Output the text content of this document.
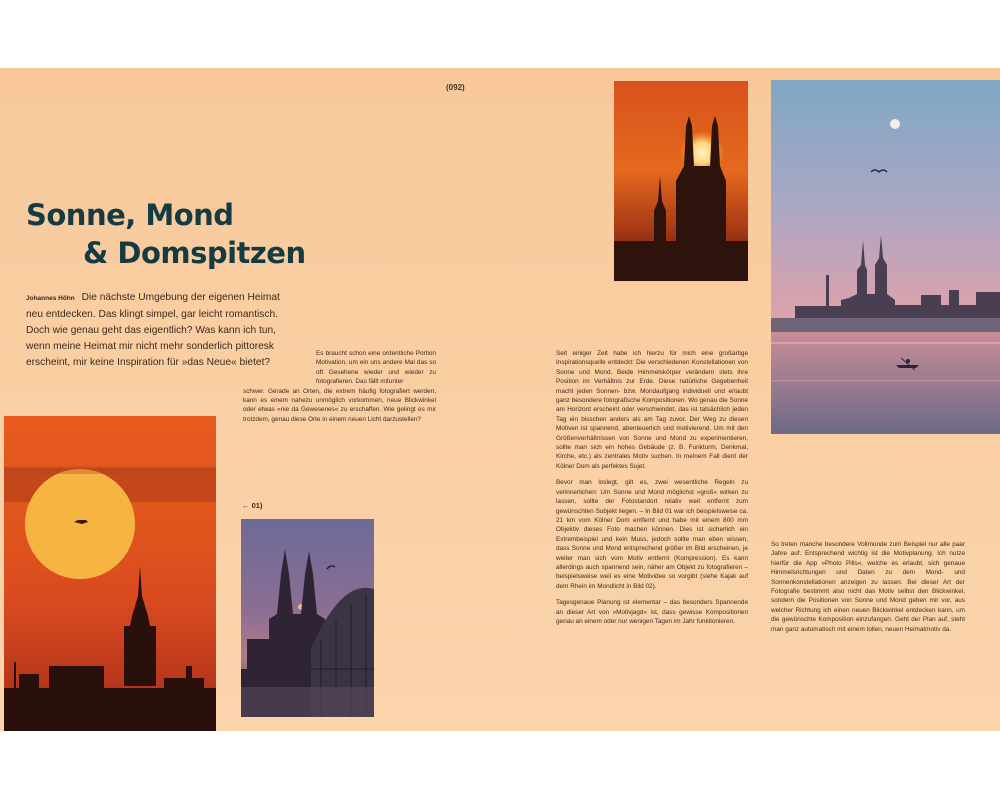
(092)
Sonne, Mond
& Domspitzen
Johannes Höhn Die nächste Umgebung der eigenen Heimat neu entdecken. Das klingt simpel, gar leicht romantisch. Doch wie genau geht das eigentlich? Was kann ich tun, wenn meine Heimat mir nicht mehr sonderlich pittoresk erscheint, mir keine Inspiration für »das Neue« bietet?
Es braucht schon eine ordentliche Portion Motivation, um ein uns andere Mal das so oft Gesehene wieder und wieder zu fotografieren. Das fällt mitunter
schwer. Gerade an Orten, die extrem häufig fotografiert werden, kann es einem nahezu unmöglich vorkommen, neue Blickwinkel oder etwas »nie da Gewesenes« zu erschaffen. Wie gelingt es mir trotzdem, genau diese Orte in einem neuen Licht darzustellen?

Seit einiger Zeit habe ich hierzu für mich eine großartige Inspirationsquelle entdeckt: Die verschiedenen Konstellationen von Sonne und Mond. Beide Himmelskörper verändern stets ihre Position im Verhältnis zur Erde. Diese natürliche Gegebenheit macht jeden Sonnen- bzw. Mondaufgang individuell und erlaubt ganz besondere fotografische Kompositionen. Wo genau die Sonne am Horizont erscheint oder verschwindet, das ist tatsächlich jeden Tag ein bisschen anders als am Tag zuvor. Der Weg zu diesen Motiven ist spannend, abenteuerlich und motivierend. Um mit den Größenverhältnissen von Sonne und Mond zu experimentieren, sollte man sich ein hohes Gebäude (z. B. Funkturm, Denkmal, Kirche, etc.) als zentrales Motiv suchen. In meinem Fall dient der Kölner Dom als perfektes Sujet.

Bevor man loslegt, gilt es, zwei wesentliche Regeln zu verinnerlichen: Um Sonne und Mond möglichst »groß« wirken zu lassen, sollte der Fotostandort relativ weit entfernt zum gewünschten Subjekt liegen. – In Bild 01 war ich beispielsweise ca. 21 km vom Kölner Dom entfernt und habe mit einem 800 mm Objektiv dieses Foto machen können. Dies ist sicherlich ein Extrembeispiel und kein Muss, jedoch sollte man eben wissen, dass Sonne und Mond entsprechend größer im Bild erscheinen, je weiter man sich vom Motiv entfernt (Kompression). Es kann allerdings auch spannend sein, näher am Objekt zu fotografieren – beispielsweise weil es eine Motividee so vorgibt (siehe Kajak auf dem Rhein im Mondlicht in Bild 02).

Tagesgenaue Planung ist elementar – das besonders Spannende an dieser Art von »Motivjagd« ist, dass gewisse Kompositionen genau an einem oder nur wenigen Tagen im Jahr funktionieren.

So treten manche besondere Vollmonde zum Beispiel nur alle paar Jahre auf. Entsprechend wichtig ist die Motivplanung. Ich nutze hierfür die App »Photo Pills«, welche es erlaubt, sich genaue Himmelsrichtungen und Daten zu dem Mond- und Sonnenkonstellationen anzeigen zu lassen. Bei dieser Art der Fotografie bestimmt also nicht das Motiv selbst den Blickwinkel, sondern die Positionen von Sonne und Mond geben mir vor, aus welcher Richtung ich einen neuen Blickwinkel entdecken kann, um die gewünschte Komposition einzufangen. Geht der Plan auf, steht man ganz automatisch mit einem tollen, neuen Heimatmotiv da.

← 01)
